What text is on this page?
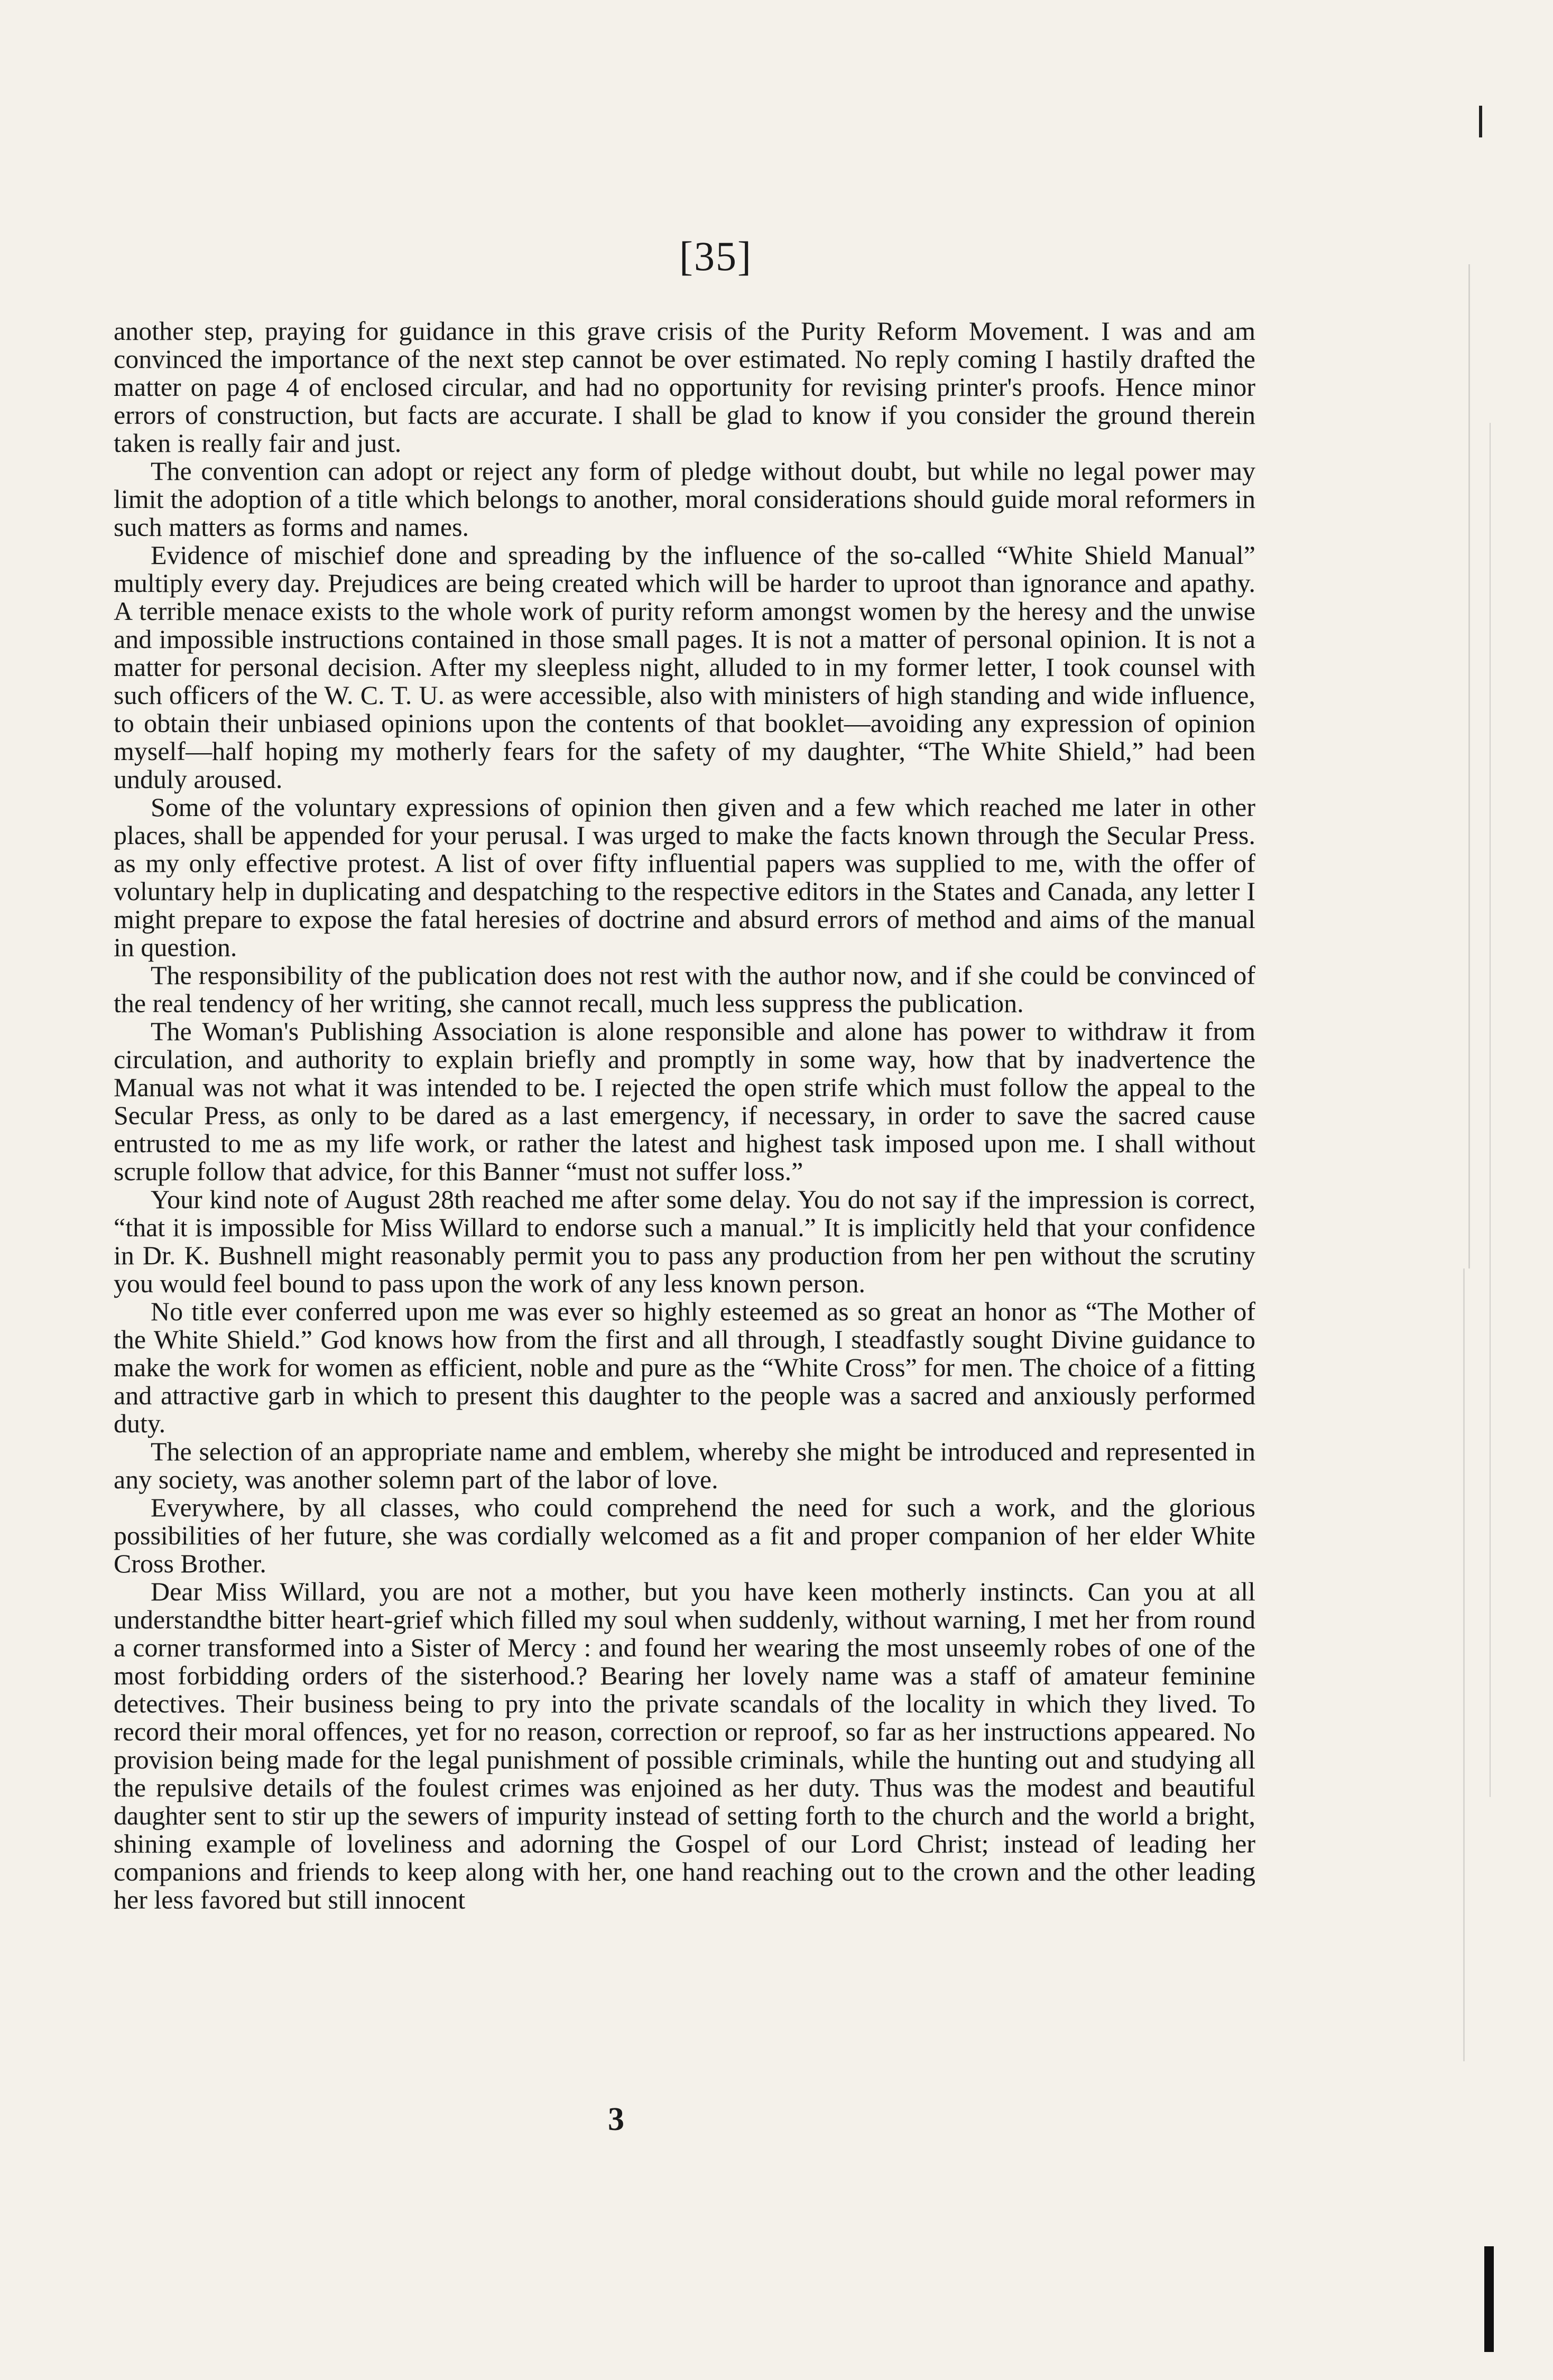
[35]

another step, praying for guidance in this grave crisis of the Purity Reform Movement. I was and am convinced the importance of the next step cannot be over estimated. No reply coming I hastily drafted the matter on page 4 of enclosed circular, and had no opportunity for revising printer's proofs. Hence minor errors of construction, but facts are accurate. I shall be glad to know if you consider the ground therein taken is really fair and just.

The convention can adopt or reject any form of pledge without doubt, but while no legal power may limit the adoption of a title which belongs to another, moral considerations should guide moral reformers in such matters as forms and names.

Evidence of mischief done and spreading by the influence of the so-called “White Shield Manual” multiply every day. Prejudices are being created which will be harder to uproot than ignorance and apathy. A terrible menace exists to the whole work of purity reform amongst women by the heresy and the unwise and impossible instructions contained in those small pages. It is not a matter of personal opinion. It is not a matter for personal decision. After my sleepless night, alluded to in my former letter, I took counsel with such officers of the W. C. T. U. as were accessible, also with ministers of high standing and wide influence, to obtain their unbiased opinions upon the contents of that booklet—avoiding any expression of opinion myself—half hoping my motherly fears for the safety of my daughter, “The White Shield,” had been unduly aroused.

Some of the voluntary expressions of opinion then given and a few which reached me later in other places, shall be appended for your perusal. I was urged to make the facts known through the Secular Press. as my only effective protest. A list of over fifty influential papers was supplied to me, with the offer of voluntary help in duplicating and despatching to the respective editors in the States and Canada, any letter I might prepare to expose the fatal heresies of doctrine and absurd errors of method and aims of the manual in question.

The responsibility of the publication does not rest with the author now, and if she could be convinced of the real tendency of her writing, she cannot recall, much less suppress the publication.

The Woman's Publishing Association is alone responsible and alone has power to withdraw it from circulation, and authority to explain briefly and promptly in some way, how that by inadvertence the Manual was not what it was intended to be. I rejected the open strife which must follow the appeal to the Secular Press, as only to be dared as a last emergency, if necessary, in order to save the sacred cause entrusted to me as my life work, or rather the latest and highest task imposed upon me. I shall without scruple follow that advice, for this Banner “must not suffer loss.”

Your kind note of August 28th reached me after some delay. You do not say if the impression is correct, “that it is impossible for Miss Willard to endorse such a manual.” It is implicitly held that your confidence in Dr. K. Bushnell might reasonably permit you to pass any production from her pen without the scrutiny you would feel bound to pass upon the work of any less known person.

No title ever conferred upon me was ever so highly esteemed as so great an honor as “The Mother of the White Shield.” God knows how from the first and all through, I steadfastly sought Divine guidance to make the work for women as efficient, noble and pure as the “White Cross” for men. The choice of a fitting and attractive garb in which to present this daughter to the people was a sacred and anxiously performed duty.

The selection of an appropriate name and emblem, whereby she might be introduced and represented in any society, was another solemn part of the labor of love.

Everywhere, by all classes, who could comprehend the need for such a work, and the glorious possibilities of her future, she was cordially welcomed as a fit and proper companion of her elder White Cross Brother.

Dear Miss Willard, you are not a mother, but you have keen motherly instincts. Can you at all understandthe bitter heart-grief which filled my soul when suddenly, without warning, I met her from round a corner transformed into a Sister of Mercy : and found her wearing the most unseemly robes of one of the most forbidding orders of the sisterhood.? Bearing her lovely name was a staff of amateur feminine detectives. Their business being to pry into the private scandals of the locality in which they lived. To record their moral offences, yet for no reason, correction or reproof, so far as her instructions appeared. No provision being made for the legal punishment of possible criminals, while the hunting out and studying all the repulsive details of the foulest crimes was enjoined as her duty. Thus was the modest and beautiful daughter sent to stir up the sewers of impurity instead of setting forth to the church and the world a bright, shining example of loveliness and adorning the Gospel of our Lord Christ; instead of leading her companions and friends to keep along with her, one hand reaching out to the crown and the other leading her less favored but still innocent

3
